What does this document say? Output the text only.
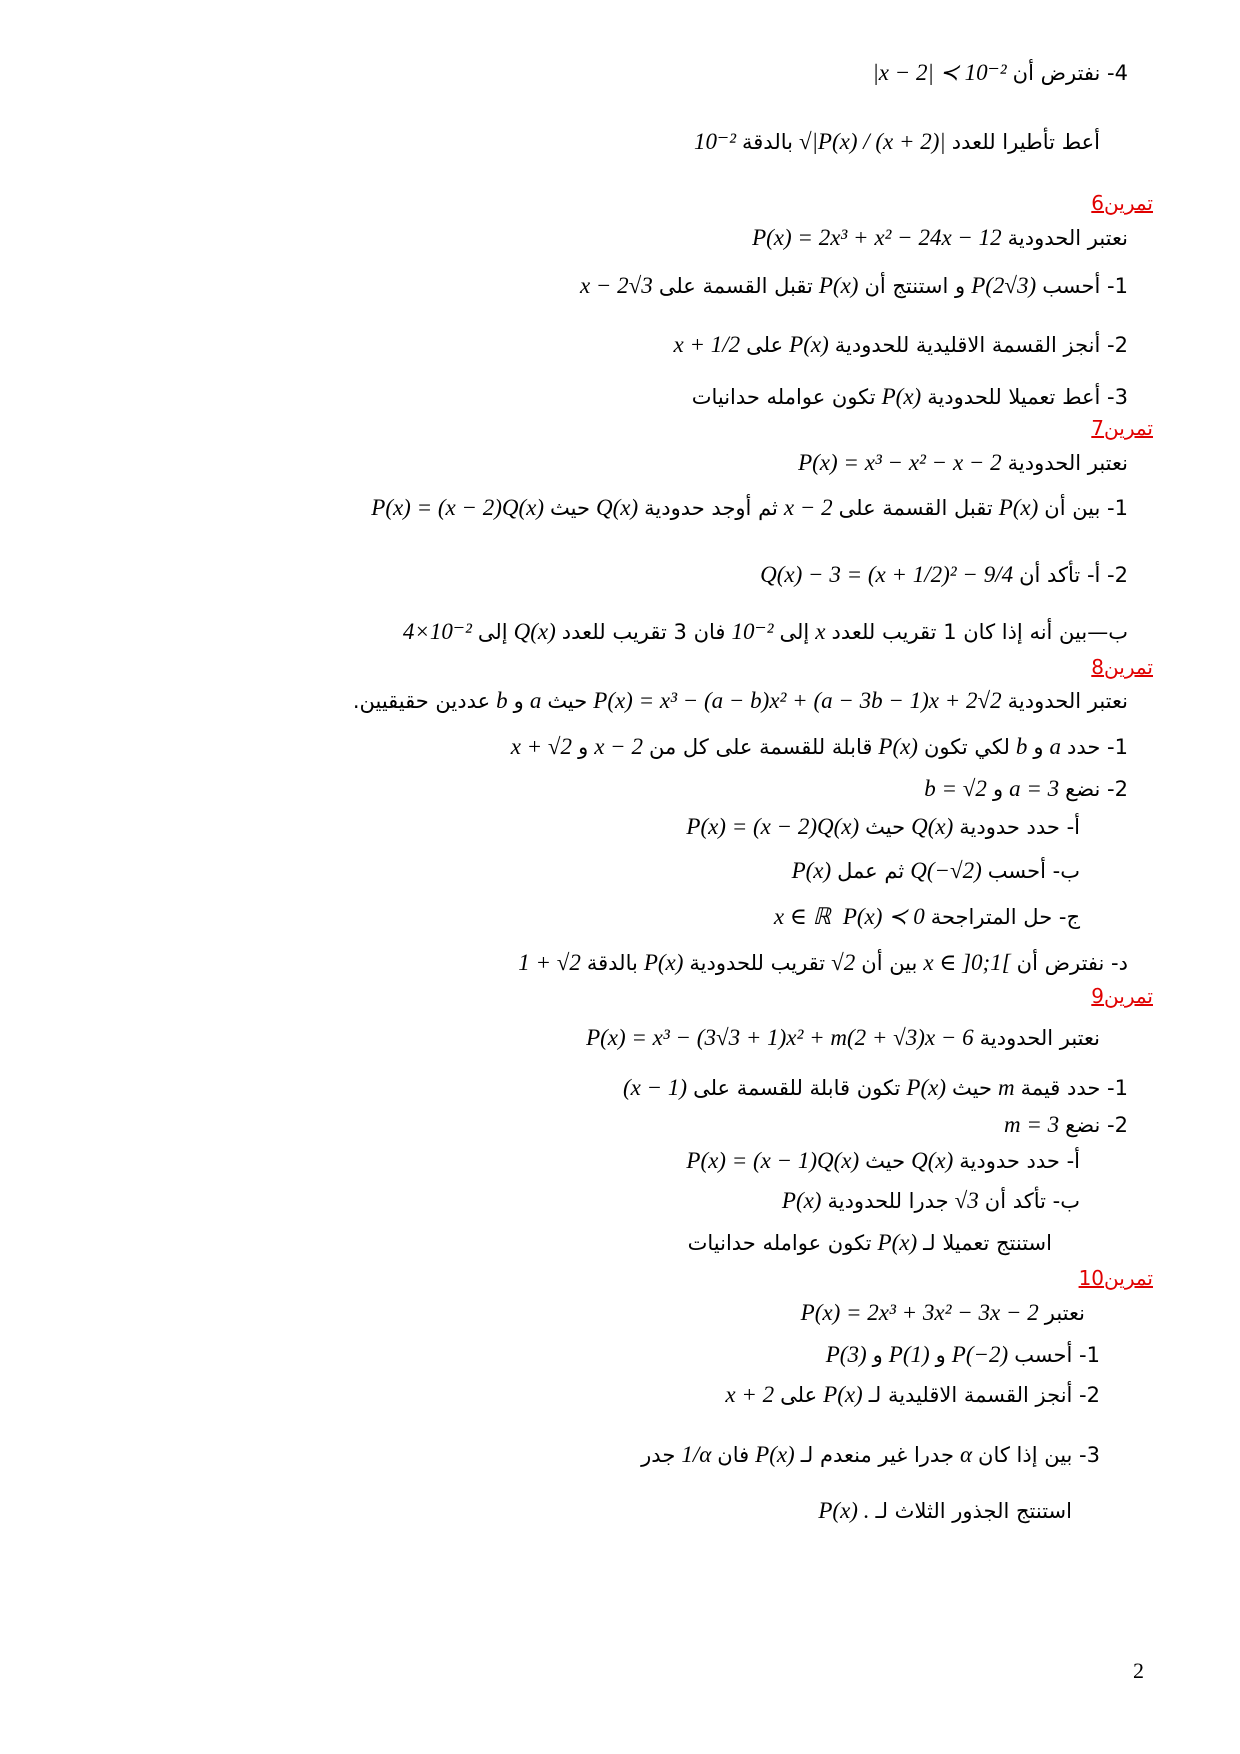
4- نفترض أن|x − 2| ≺ 10⁻²
أعط تأطيرا للعدد√|P(x) / (x + 2)|بالدقة10⁻²
تمرين6
نعتبر الحدوديةP(x) = 2x³ + x² − 24x − 12
1- أحسبP(2√3)و استنتج أنP(x)تقبل القسمة علىx − 2√3
2- أنجز القسمة الاقليدية للحدوديةP(x)علىx + 1/2
3- أعط تعميلا للحدوديةP(x)تكون عوامله حدانيات
تمرين7
نعتبر الحدوديةP(x) = x³ − x² − x − 2
1- بين أنP(x)تقبل القسمة علىx − 2ثم أوجد حدوديةQ(x)حيثP(x) = (x − 2)Q(x)
2- أ- تأكد أنQ(x) − 3 = (x + 1/2)² − 9/4
ب—بين أنه إذا كان 1 تقريب للعددxإلى10⁻²فان 3 تقريب للعددQ(x)إلى4×10⁻²
تمرين8
نعتبر الحدوديةP(x) = x³ − (a − b)x² + (a − 3b − 1)x + 2√2حيثaوbعددين حقيقيين.
1- حددaوbلكي تكونP(x)قابلة للقسمة على كل منx − 2وx + √2
2- نضعa = 3وb = √2
أ- حدد حدوديةQ(x)حيثP(x) = (x − 2)Q(x)
ب- أحسبQ(−√2)ثم عملP(x)
ج- حل المتراجحةP(x) ≺ 0x ∈ ℝ
د- نفترض أنx ∈ ]0;1[بين أن√2تقريب للحدوديةP(x)بالدقة1 + √2
تمرين9
نعتبر الحدوديةP(x) = x³ − (3√3 + 1)x² + m(2 + √3)x − 6
1- حدد قيمةmحيثP(x)تكون قابلة للقسمة على(x − 1)
2- نضعm = 3
أ- حدد حدوديةQ(x)حيثP(x) = (x − 1)Q(x)
ب- تأكد أن√3جدرا للحدوديةP(x)
استنتج تعميلا لـP(x)تكون عوامله حدانيات
تمرين10
نعتبرP(x) = 2x³ + 3x² − 3x − 2
1- أحسبP(−2)وP(1)وP(3)
2- أنجز القسمة الاقليدية لـP(x)علىx + 2
3- بين إذا كانαجدرا غير منعدم لـP(x)فان1/αجدر
استنتج الجذور الثلاث لـP(x) .
2
